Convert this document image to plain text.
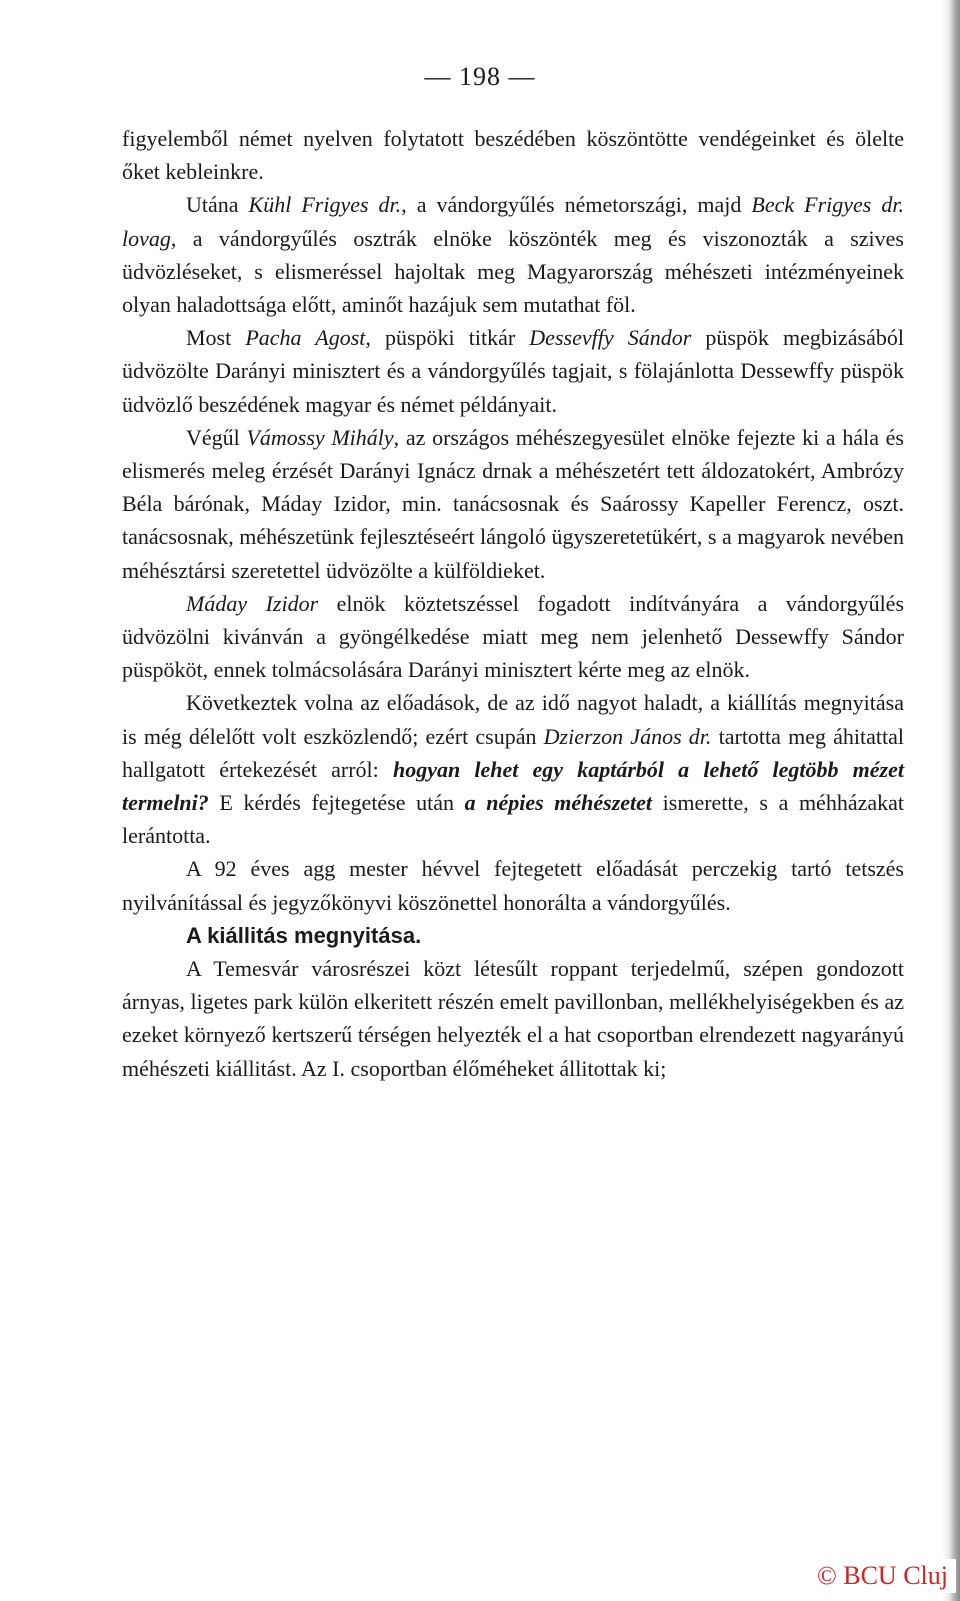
— 198 —

figyelemből német nyelven folytatott beszédében köszöntötte vendégeinket és ölelte őket kebleinkre.

Utána Kühl Frigyes dr., a vándorgyűlés németországi, majd Beck Frigyes dr. lovag, a vándorgyűlés osztrák elnöke köszönték meg és viszonozták a szives üdvözléseket, s elismeréssel hajoltak meg Magyarország méhészeti intézményeinek olyan haladottsága előtt, aminőt hazájuk sem mutathat föl.

Most Pacha Agost, püspöki titkár Dessevffy Sándor püspök megbizásából üdvözölte Darányi minisztert és a vándorgyűlés tagjait, s fölajánlotta Dessewffy püspök üdvözlő beszédének magyar és német példányait.

Végűl Vámossy Mihály, az országos méhészegyesület elnöke fejezte ki a hála és elismerés meleg érzését Darányi Ignácz drnak a méhészetért tett áldozatokért, Ambrózy Béla bárónak, Máday Izidor, min. tanácsosnak és Saárossy Kapeller Ferencz, oszt. tanácsosnak, méhészetünk fejlesztéseért lángoló ügyszeretetükért, s a magyarok nevében méhésztársi szeretettel üdvözölte a külföldieket.

Máday Izidor elnök köztetszéssel fogadott indítványára a vándorgyűlés üdvözölni kivánván a gyöngélkedése miatt meg nem jelenhető Dessewffy Sándor püspököt, ennek tolmácsolására Darányi minisztert kérte meg az elnök.

Következtek volna az előadások, de az idő nagyot haladt, a kiállítás megnyitása is még délelőtt volt eszközlendő; ezért csupán Dzierzon János dr. tartotta meg áhitattal hallgatott értekezését arról: hogyan lehet egy kaptárból a lehető legtöbb mézet termelni? E kérdés fejtegetése után a népies méhészetet ismerette, s a méhházakat lerántotta.

A 92 éves agg mester hévvel fejtegetett előadását perczekig tartó tetszés nyilvánítással és jegyzőkönyvi köszönettel honorálta a vándorgyűlés.

A kiállitás megnyitása.

A Temesvár városrészei közt létesűlt roppant terjedelmű, szépen gondozott árnyas, ligetes park külön elkeritett részén emelt pavillonban, mellékhelyiségekben és az ezeket környező kertszerű térségen helyezték el a hat csoportban elrendezett nagyarányú méhészeti kiállitást. Az I. csoportban élőméheket állitottak ki;

© BCU Cluj
